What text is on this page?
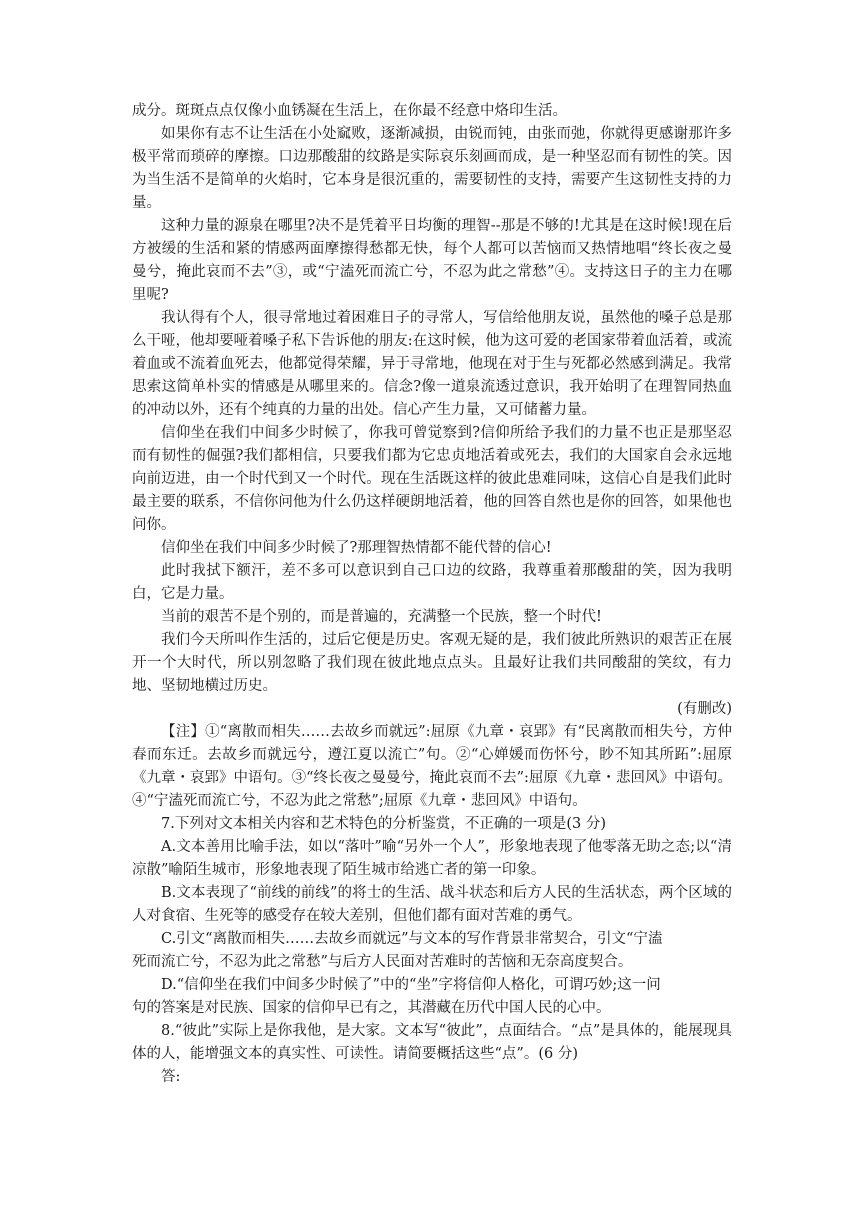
成分。斑斑点点仅像小血锈凝在生活上，在你最不经意中烙印生活。

如果你有志不让生活在小处窳败，逐渐减损，由锐而钝，由张而弛，你就得更感谢那许多极平常而琐碎的摩擦。口边那酸甜的纹路是实际哀乐刻画而成，是一种坚忍而有韧性的笑。因为当生活不是简单的火焰时，它本身是很沉重的，需要韧性的支持，需要产生这韧性支持的力量。

这种力量的源泉在哪里?决不是凭着平日均衡的理智--那是不够的!尤其是在这时候!现在后方被缓的生活和紧的情感两面摩擦得愁都无快，每个人都可以苦恼而又热情地唱“终长夜之曼曼兮，掩此哀而不去”③，或“宁溘死而流亡兮，不忍为此之常愁”④。支持这日子的主力在哪里呢?

我认得有个人，很寻常地过着困难日子的寻常人，写信给他朋友说，虽然他的嗓子总是那么干哑，他却要哑着嗓子私下告诉他的朋友:在这时候，他为这可爱的老国家带着血活着，或流着血或不流着血死去，他都觉得荣耀，异于寻常地，他现在对于生与死都必然感到满足。我常思索这简单朴实的情感是从哪里来的。信念?像一道泉流透过意识，我开始明了在理智同热血的冲动以外，还有个纯真的力量的出处。信心产生力量，又可储蓄力量。

信仰坐在我们中间多少时候了，你我可曾觉察到?信仰所给予我们的力量不也正是那坚忍而有韧性的倔强?我们都相信，只要我们都为它忠贞地活着或死去，我们的大国家自会永远地向前迈进，由一个时代到又一个时代。现在生活既这样的彼此患难同味，这信心自是我们此时最主要的联系，不信你问他为什么仍这样硬朗地活着，他的回答自然也是你的回答，如果他也问你。

信仰坐在我们中间多少时候了?那理智热情都不能代替的信心!

此时我拭下额汗，差不多可以意识到自己口边的纹路，我尊重着那酸甜的笑，因为我明白，它是力量。

当前的艰苦不是个别的，而是普遍的，充满整一个民族，整一个时代!

我们今天所叫作生活的，过后它便是历史。客观无疑的是，我们彼此所熟识的艰苦正在展开一个大时代，所以别忽略了我们现在彼此地点点头。且最好让我们共同酸甜的笑纹，有力地、坚韧地横过历史。

(有删改)

【注】①“离散而相失……去故乡而就远”:屈原《九章・哀郢》有“民离散而相失兮，方仲春而东迁。去故乡而就远兮，遵江夏以流亡”句。②“心婵媛而伤怀兮，眇不知其所跖”:屈原《九章・哀郢》中语句。③“终长夜之曼曼兮，掩此哀而不去”:屈原《九章・悲回风》中语句。④“宁溘死而流亡兮，不忍为此之常愁”;屈原《九章・悲回风》中语句。

7.下列对文本相关内容和艺术特色的分析鉴赏，不正确的一项是(3 分)

A.文本善用比喻手法，如以“落叶”喻“另外一个人”，形象地表现了他零落无助之态;以“清凉散”喻陌生城市，形象地表现了陌生城市给逃亡者的第一印象。

B.文本表现了“前线的前线”的将士的生活、战斗状态和后方人民的生活状态，两个区域的人对食宿、生死等的感受存在较大差别，但他们都有面对苦难的勇气。

C.引文“离散而相失……去故乡而就远”与文本的写作背景非常契合，引文“宁溘

死而流亡兮，不忍为此之常愁”与后方人民面对苦难时的苦恼和无奈高度契合。

D.“信仰坐在我们中间多少时候了”中的“坐”字将信仰人格化，可谓巧妙;这一问

句的答案是对民族、国家的信仰早已有之，其潜藏在历代中国人民的心中。

8.“彼此”实际上是你我他，是大家。文本写“彼此”，点面结合。“点”是具体的，能展现具体的人，能增强文本的真实性、可读性。请简要概括这些“点”。(6 分)

答:
